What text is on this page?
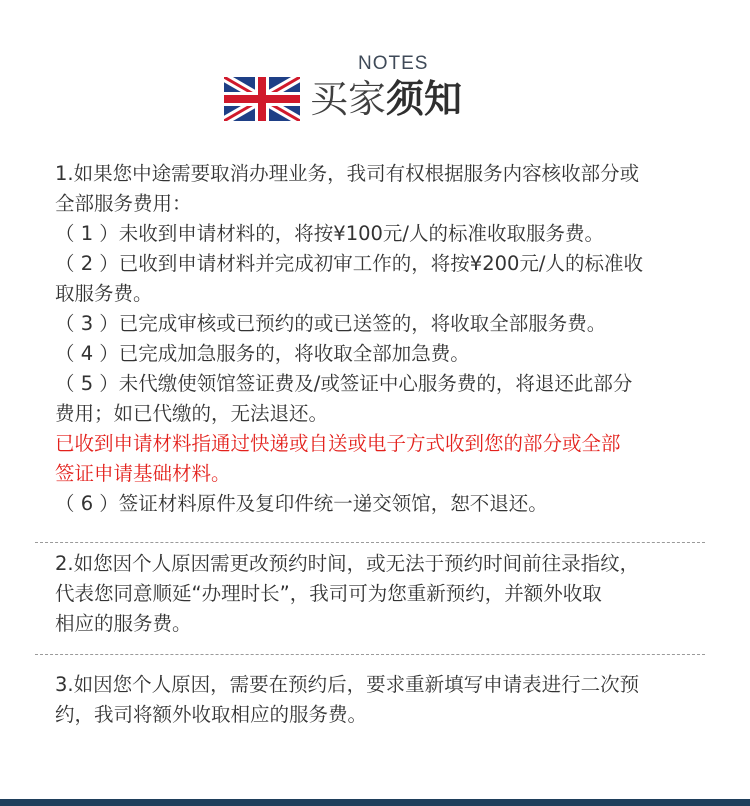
NOTES
买家须知
1.如果您中途需要取消办理业务，我司有权根据服务内容核收部分或
全部服务费用：
（ 1 ）未收到申请材料的，将按¥100元/人的标准收取服务费。
（ 2 ）已收到申请材料并完成初审工作的，将按¥200元/人的标准收
取服务费。
（ 3 ）已完成审核或已预约的或已送签的，将收取全部服务费。
（ 4 ）已完成加急服务的，将收取全部加急费。
（ 5 ）未代缴使领馆签证费及/或签证中心服务费的，将退还此部分
费用；如已代缴的，无法退还。
已收到申请材料指通过快递或自送或电子方式收到您的部分或全部
签证申请基础材料。
（ 6 ）签证材料原件及复印件统一递交领馆，恕不退还。
2.如您因个人原因需更改预约时间，或无法于预约时间前往录指纹，
代表您同意顺延“办理时长”，我司可为您重新预约，并额外收取
相应的服务费。
3.如因您个人原因，需要在预约后，要求重新填写申请表进行二次预
约，我司将额外收取相应的服务费。
